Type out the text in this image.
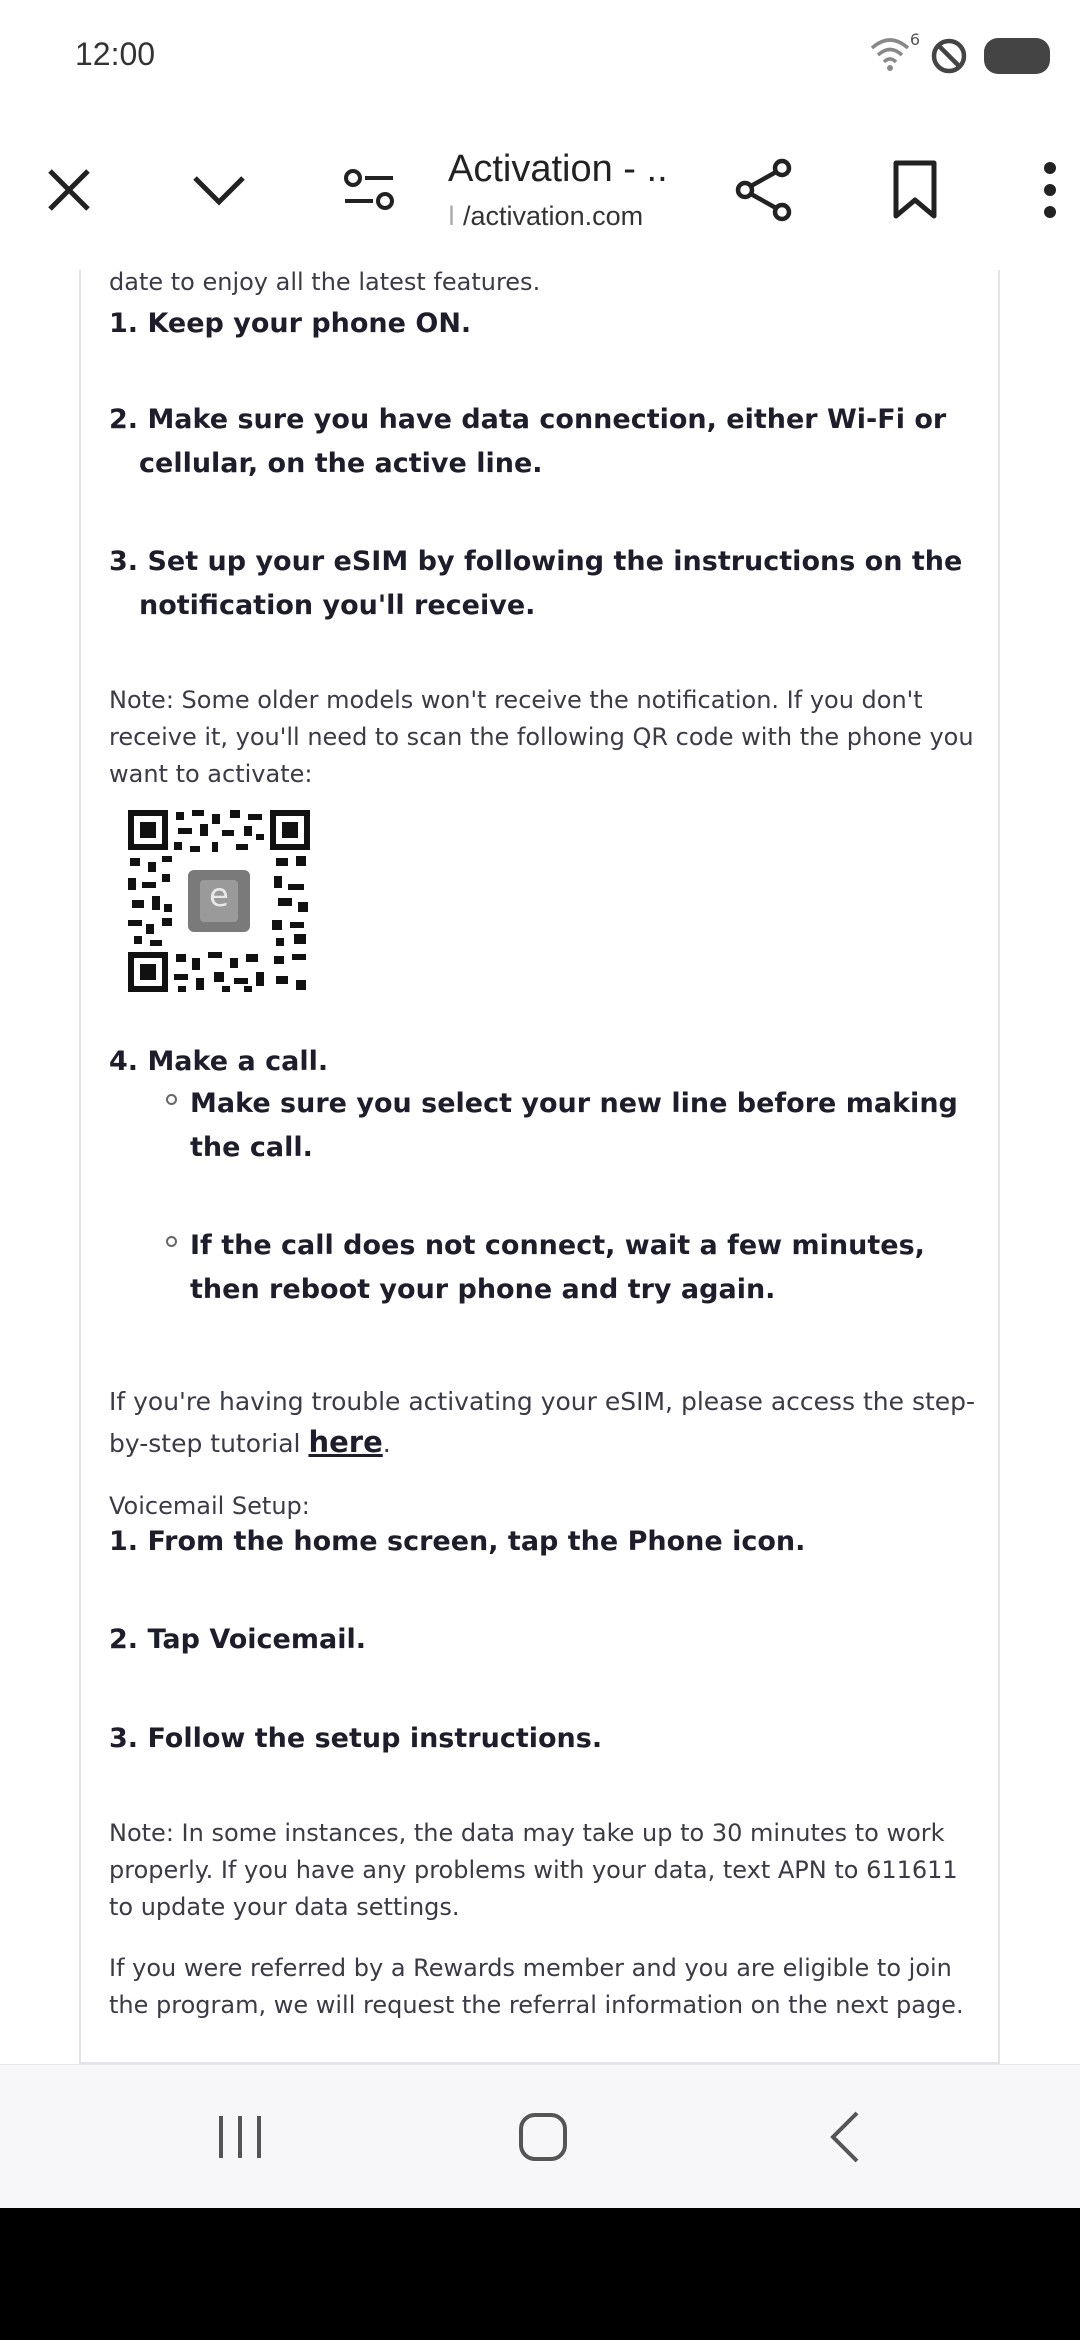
12:00	6
Activation - ..
ǀ /activation.com
date to enjoy all the latest features.
1. Keep your phone ON.
2. Make sure you have data connection, either Wi-Fi or cellular, on the active line.
3. Set up your eSIM by following the instructions on the notification you'll receive.
Note: Some older models won't receive the notification. If you don't receive it, you'll need to scan the following QR code with the phone you want to activate:
e
4. Make a call.
Make sure you select your new line before making the call.
If the call does not connect, wait a few minutes, then reboot your phone and try again.
If you're having trouble activating your eSIM, please access the step-by-step tutorial here.
Voicemail Setup:
1. From the home screen, tap the Phone icon.
2. Tap Voicemail.
3. Follow the setup instructions.
Note: In some instances, the data may take up to 30 minutes to work properly. If you have any problems with your data, text APN to 611611 to update your data settings.
If you were referred by a Rewards member and you are eligible to join the program, we will request the referral information on the next page.
